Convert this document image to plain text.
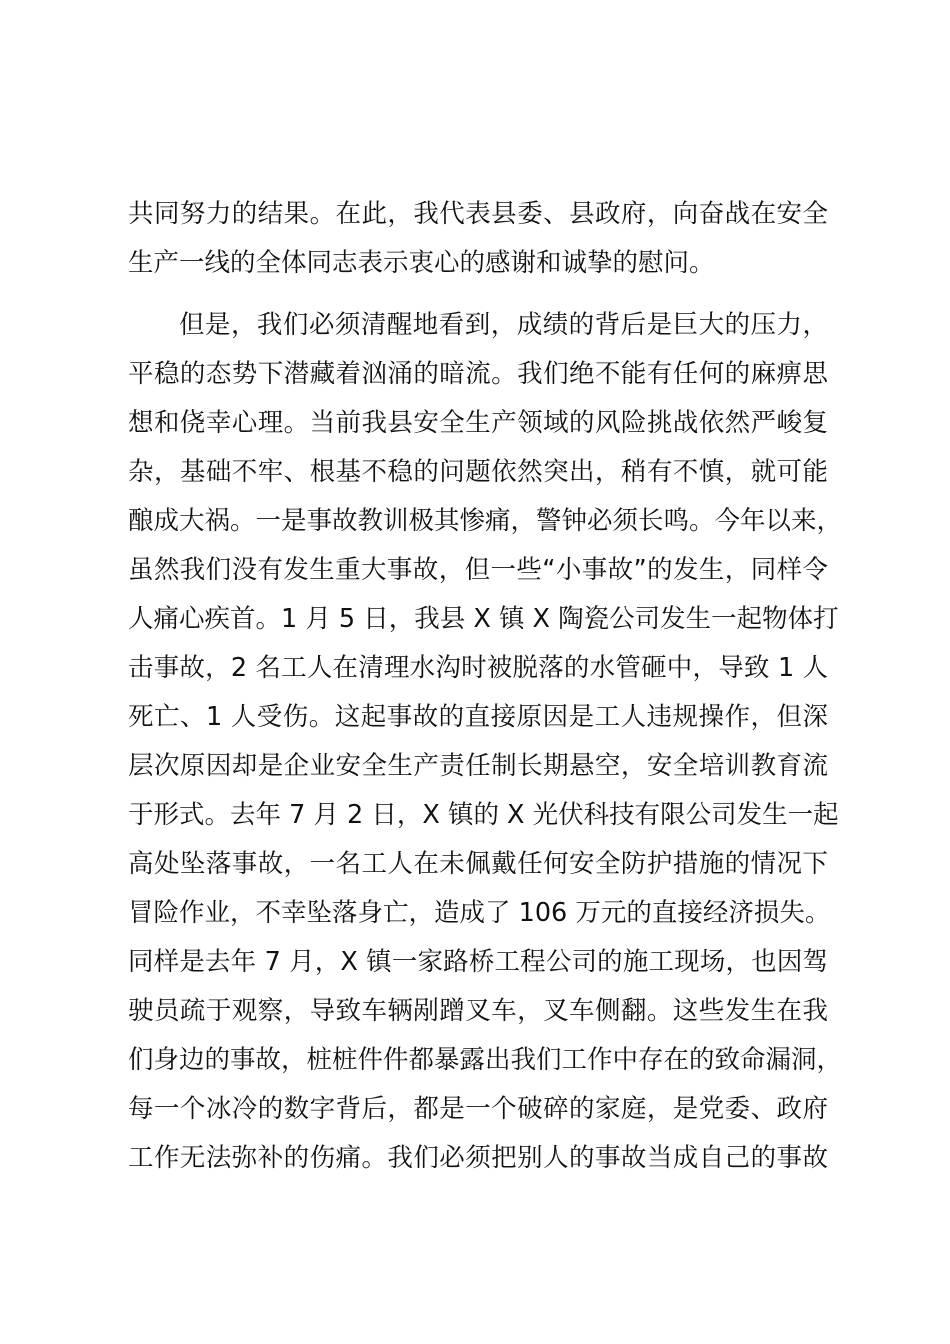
共同努力的结果。在此，我代表县委、县政府，向奋战在安全
生产一线的全体同志表示衷心的感谢和诚挚的慰问。
但是，我们必须清醒地看到，成绩的背后是巨大的压力，
平稳的态势下潜藏着汹涌的暗流。我们绝不能有任何的麻痹思
想和侥幸心理。当前我县安全生产领域的风险挑战依然严峻复
杂，基础不牢、根基不稳的问题依然突出，稍有不慎，就可能
酿成大祸。一是事故教训极其惨痛，警钟必须长鸣。今年以来，
虽然我们没有发生重大事故，但一些“小事故”的发生，同样令
人痛心疾首。1 月 5 日，我县 X 镇 X 陶瓷公司发生一起物体打
击事故，2 名工人在清理水沟时被脱落的水管砸中，导致 1 人
死亡、1 人受伤。这起事故的直接原因是工人违规操作，但深
层次原因却是企业安全生产责任制长期悬空，安全培训教育流
于形式。去年 7 月 2 日，X 镇的 X 光伏科技有限公司发生一起
高处坠落事故，一名工人在未佩戴任何安全防护措施的情况下
冒险作业，不幸坠落身亡，造成了 106 万元的直接经济损失。
同样是去年 7 月，X 镇一家路桥工程公司的施工现场，也因驾
驶员疏于观察，导致车辆剐蹭叉车，叉车侧翻。这些发生在我
们身边的事故，桩桩件件都暴露出我们工作中存在的致命漏洞，
每一个冰冷的数字背后，都是一个破碎的家庭，是党委、政府
工作无法弥补的伤痛。我们必须把别人的事故当成自己的事故
